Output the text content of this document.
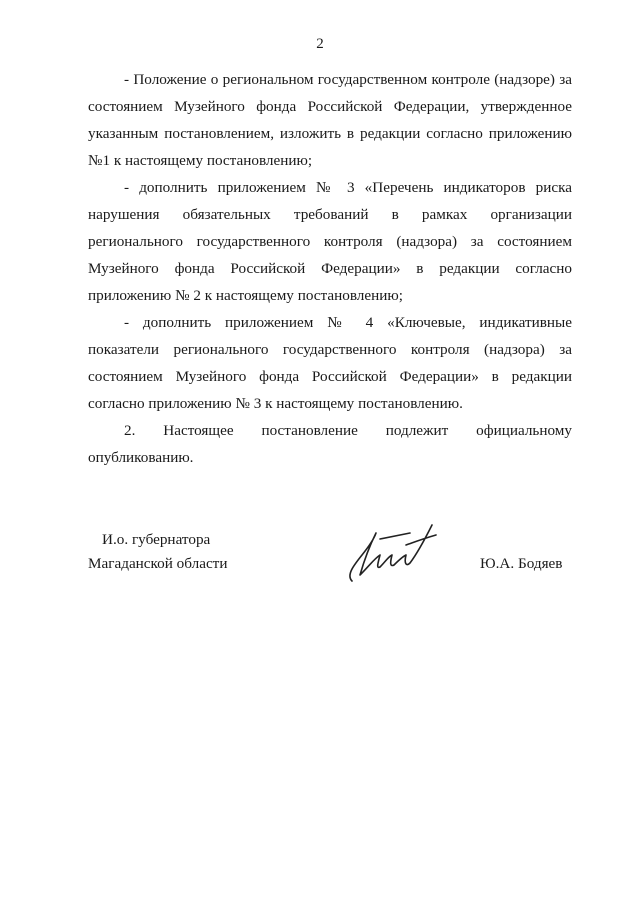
2

- Положение о региональном государственном контроле (надзоре) за состоянием Музейного фонда Российской Федерации, утвержденное указанным постановлением, изложить в редакции согласно приложению №1 к настоящему постановлению;

- дополнить приложением № 3 «Перечень индикаторов риска нарушения обязательных требований в рамках организации регионального государственного контроля (надзора) за состоянием Музейного фонда Российской Федерации» в редакции согласно приложению № 2 к настоящему постановлению;

- дополнить приложением № 4 «Ключевые, индикативные показатели регионального государственного контроля (надзора) за состоянием Музейного фонда Российской Федерации» в редакции согласно приложению № 3 к настоящему постановлению.

2. Настоящее постановление подлежит официальному опубликованию.

И.о. губернатора
Магаданской области	Ю.А. Бодяев
